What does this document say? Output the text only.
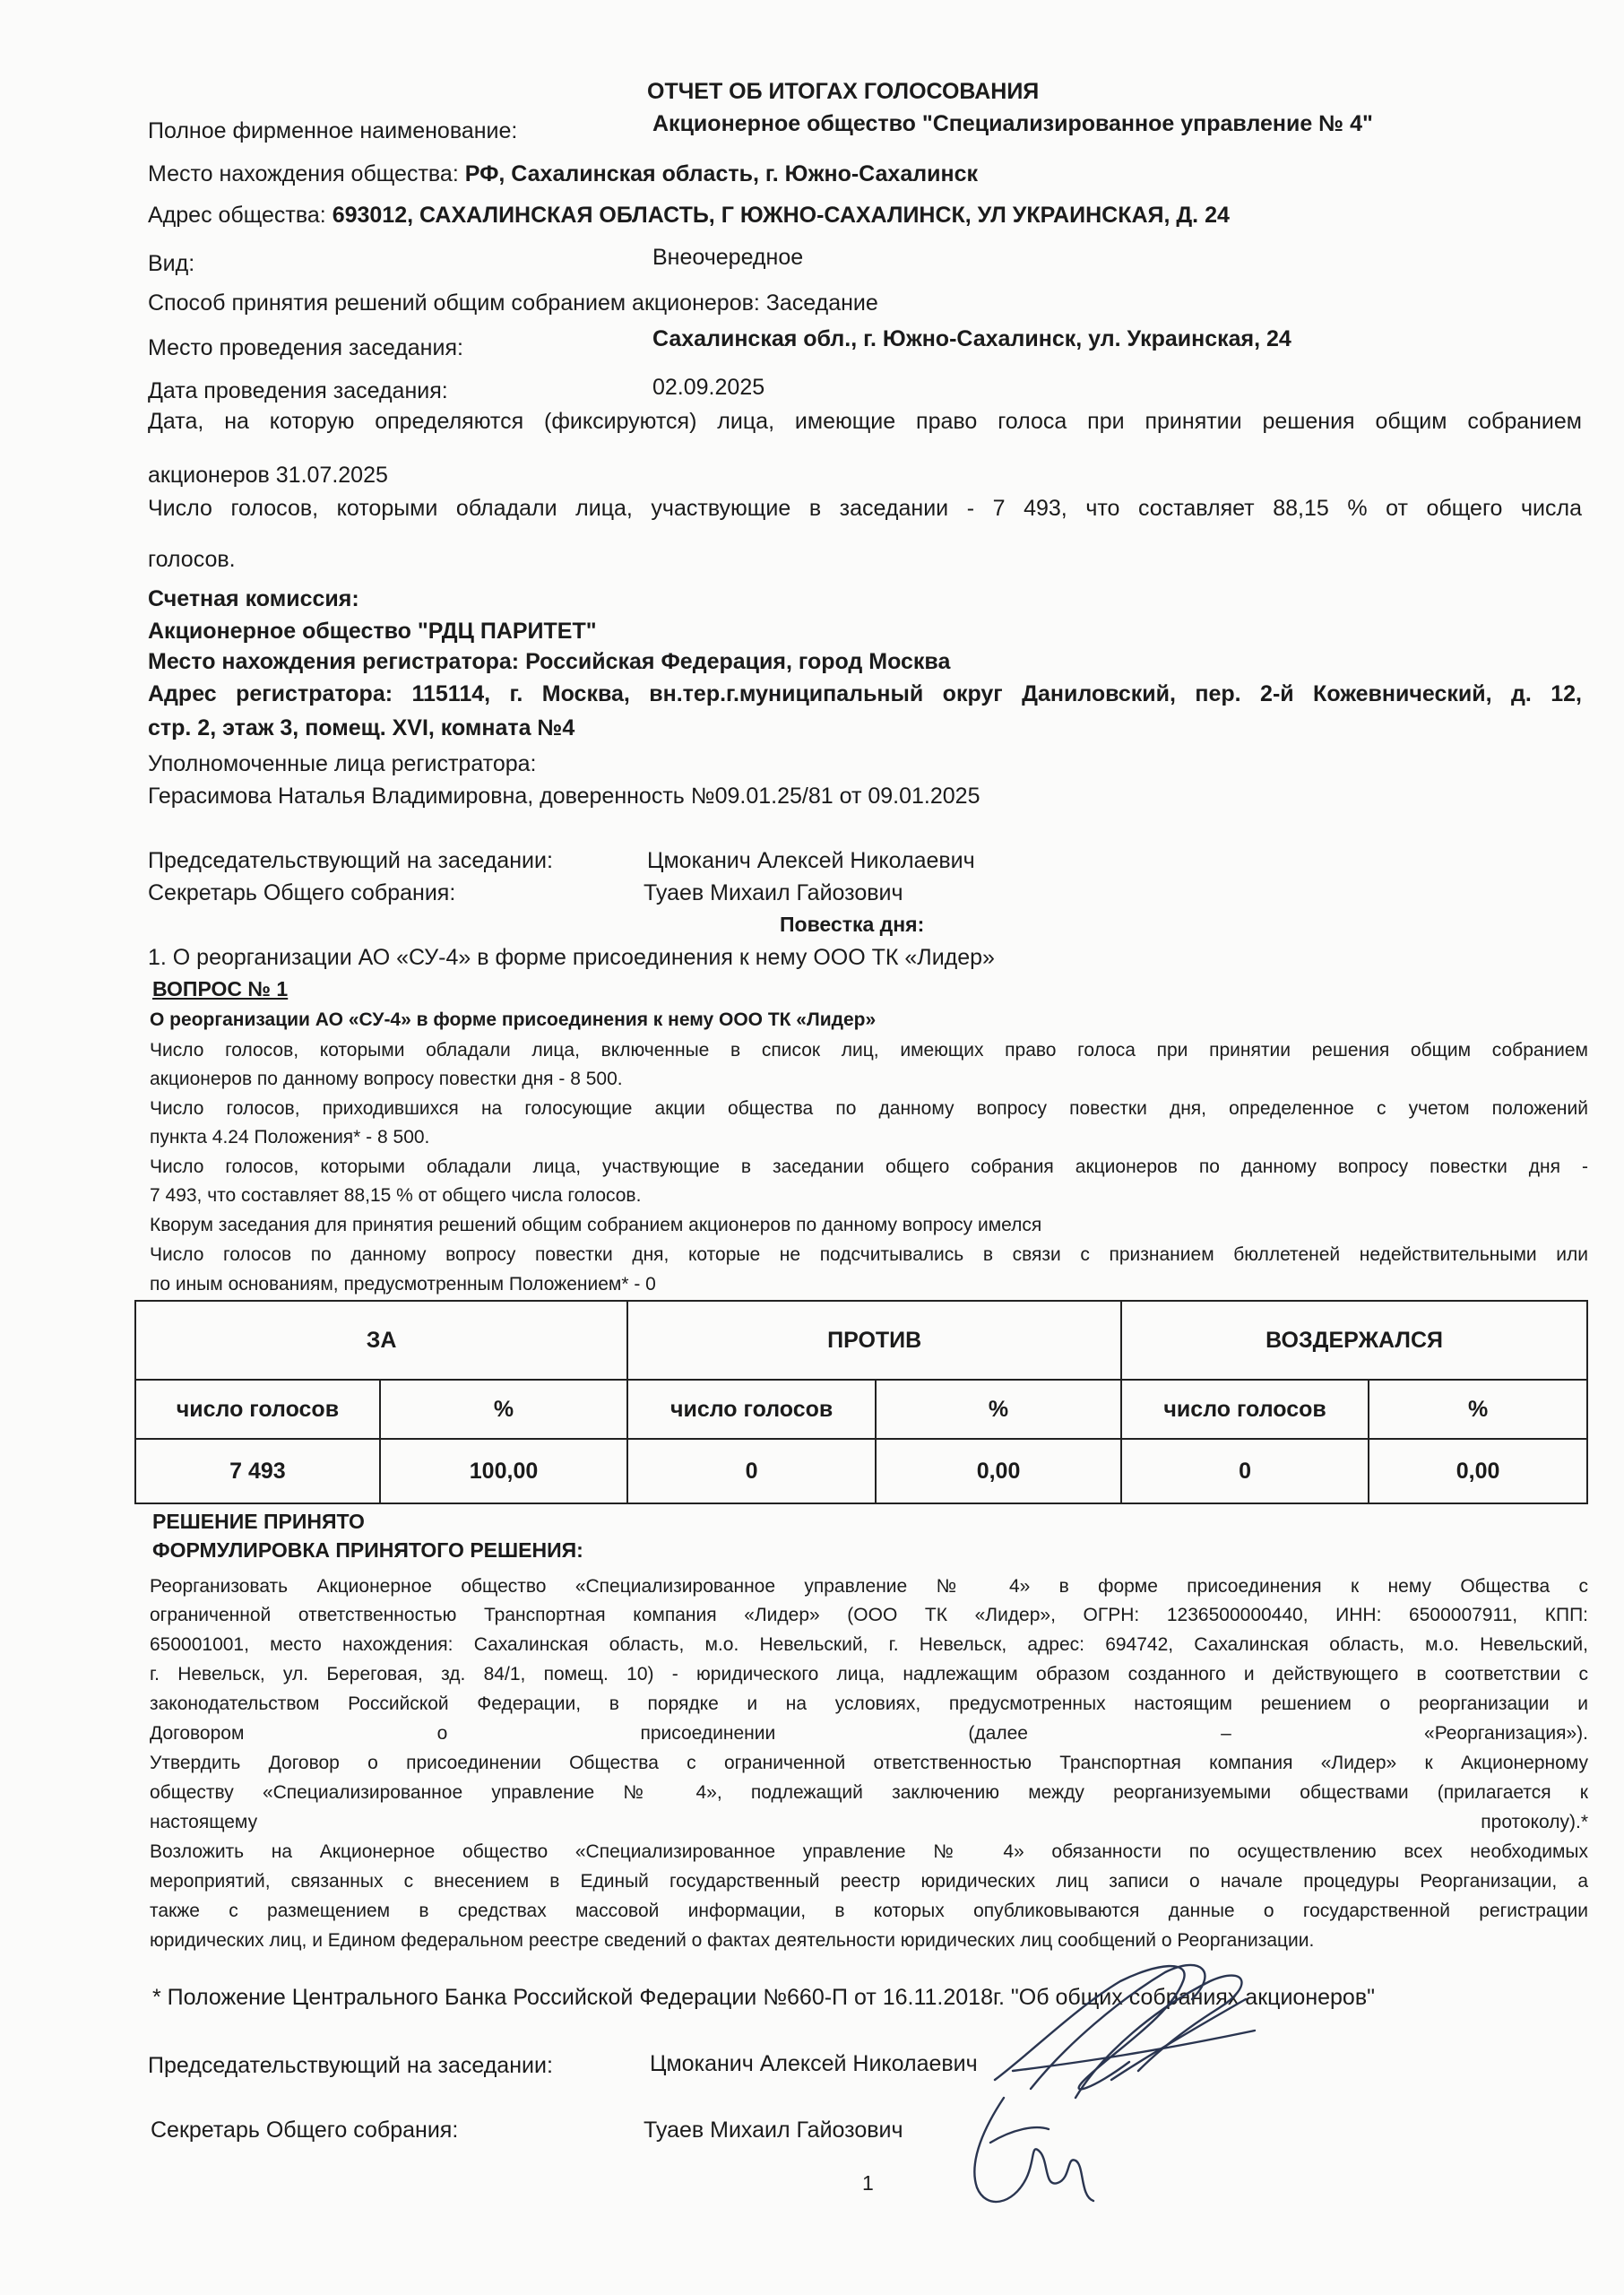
ОТЧЕТ ОБ ИТОГАХ ГОЛОСОВАНИЯ
Полное фирменное наименование:	Акционерное общество "Специализированное управление № 4"
Место нахождения общества: РФ, Сахалинская область, г. Южно-Сахалинск
Адрес общества: 693012, САХАЛИНСКАЯ ОБЛАСТЬ, Г ЮЖНО-САХАЛИНСК, УЛ УКРАИНСКАЯ, Д. 24
Вид:	Внеочередное
Способ принятия решений общим собранием акционеров: Заседание
Место проведения заседания:	Сахалинская обл., г. Южно-Сахалинск, ул. Украинская, 24
Дата проведения заседания:	02.09.2025
Дата, на которую определяются (фиксируются) лица, имеющие право голоса при принятии решения общим собранием
акционеров 31.07.2025
Число голосов, которыми обладали лица, участвующие в заседании - 7 493, что составляет 88,15 % от общего числа
голосов.
Счетная комиссия:
Акционерное общество "РДЦ ПАРИТЕТ"
Место нахождения регистратора: Российская Федерация, город Москва
Адрес регистратора: 115114, г. Москва, вн.тер.г.муниципальный округ Даниловский, пер. 2-й Кожевнический, д. 12,
стр. 2, этаж 3, помещ. XVI, комната №4
Уполномоченные лица регистратора:
Герасимова Наталья Владимировна, доверенность №09.01.25/81 от 09.01.2025
Председательствующий на заседании:	Цмоканич Алексей Николаевич
Секретарь Общего собрания:	Туаев Михаил Гайозович
Повестка дня:
1. О реорганизации АО «СУ-4» в форме присоединения к нему ООО ТК «Лидер»
ВОПРОС № 1
О реорганизации АО «СУ-4» в форме присоединения к нему ООО ТК «Лидер»
Число голосов, которыми обладали лица, включенные в список лиц, имеющих право голоса при принятии решения общим собранием
акционеров по данному вопросу повестки дня - 8 500.
Число голосов, приходившихся на голосующие акции общества по данному вопросу повестки дня, определенное с учетом положений
пункта 4.24 Положения* - 8 500.
Число голосов, которыми обладали лица, участвующие в заседании общего собрания акционеров по данному вопросу повестки дня -
7 493, что составляет 88,15 % от общего числа голосов.
Кворум заседания для принятия решений общим собранием акционеров по данному вопросу имелся
Число голосов по данному вопросу повестки дня, которые не подсчитывались в связи с признанием бюллетеней недействительными или
по иным основаниям, предусмотренным Положением* - 0
ЗА		ПРОТИВ		ВОЗДЕРЖАЛСЯ	
число голосов	%	число голосов	%	число голосов	%
7 493	100,00	0	0,00	0	0,00
РЕШЕНИЕ ПРИНЯТО
ФОРМУЛИРОВКА ПРИНЯТОГО РЕШЕНИЯ:
Реорганизовать Акционерное общество «Специализированное управление № 4» в форме присоединения к нему Общества с
ограниченной ответственностью Транспортная компания «Лидер» (ООО ТК «Лидер», ОГРН: 1236500000440, ИНН: 6500007911, КПП:
650001001, место нахождения: Сахалинская область, м.о. Невельский, г. Невельск, адрес: 694742, Сахалинская область, м.о. Невельский,
г. Невельск, ул. Береговая, зд. 84/1, помещ. 10) - юридического лица, надлежащим образом созданного и действующего в соответствии с
законодательством Российской Федерации, в порядке и на условиях, предусмотренных настоящим решением о реорганизации и
Договором	о	присоединении	(далее	–	«Реорганизация»).
Утвердить Договор о присоединении Общества с ограниченной ответственностью Транспортная компания «Лидер» к Акционерному
обществу «Специализированное управление № 4», подлежащий заключению между реорганизуемыми обществами (прилагается к
настоящему	протоколу).*
Возложить на Акционерное общество «Специализированное управление № 4» обязанности по осуществлению всех необходимых
мероприятий, связанных с внесением в Единый государственный реестр юридических лиц записи о начале процедуры Реорганизации, а
также с размещением в средствах массовой информации, в которых опубликовываются данные о государственной регистрации
юридических лиц, и Едином федеральном реестре сведений о фактах деятельности юридических лиц сообщений о Реорганизации.
* Положение Центрального Банка Российской Федерации №660-П от 16.11.2018г. "Об общих собраниях акционеров"
Председательствующий на заседании:	Цмоканич Алексей Николаевич
Секретарь Общего собрания:	Туаев Михаил Гайозович
1
